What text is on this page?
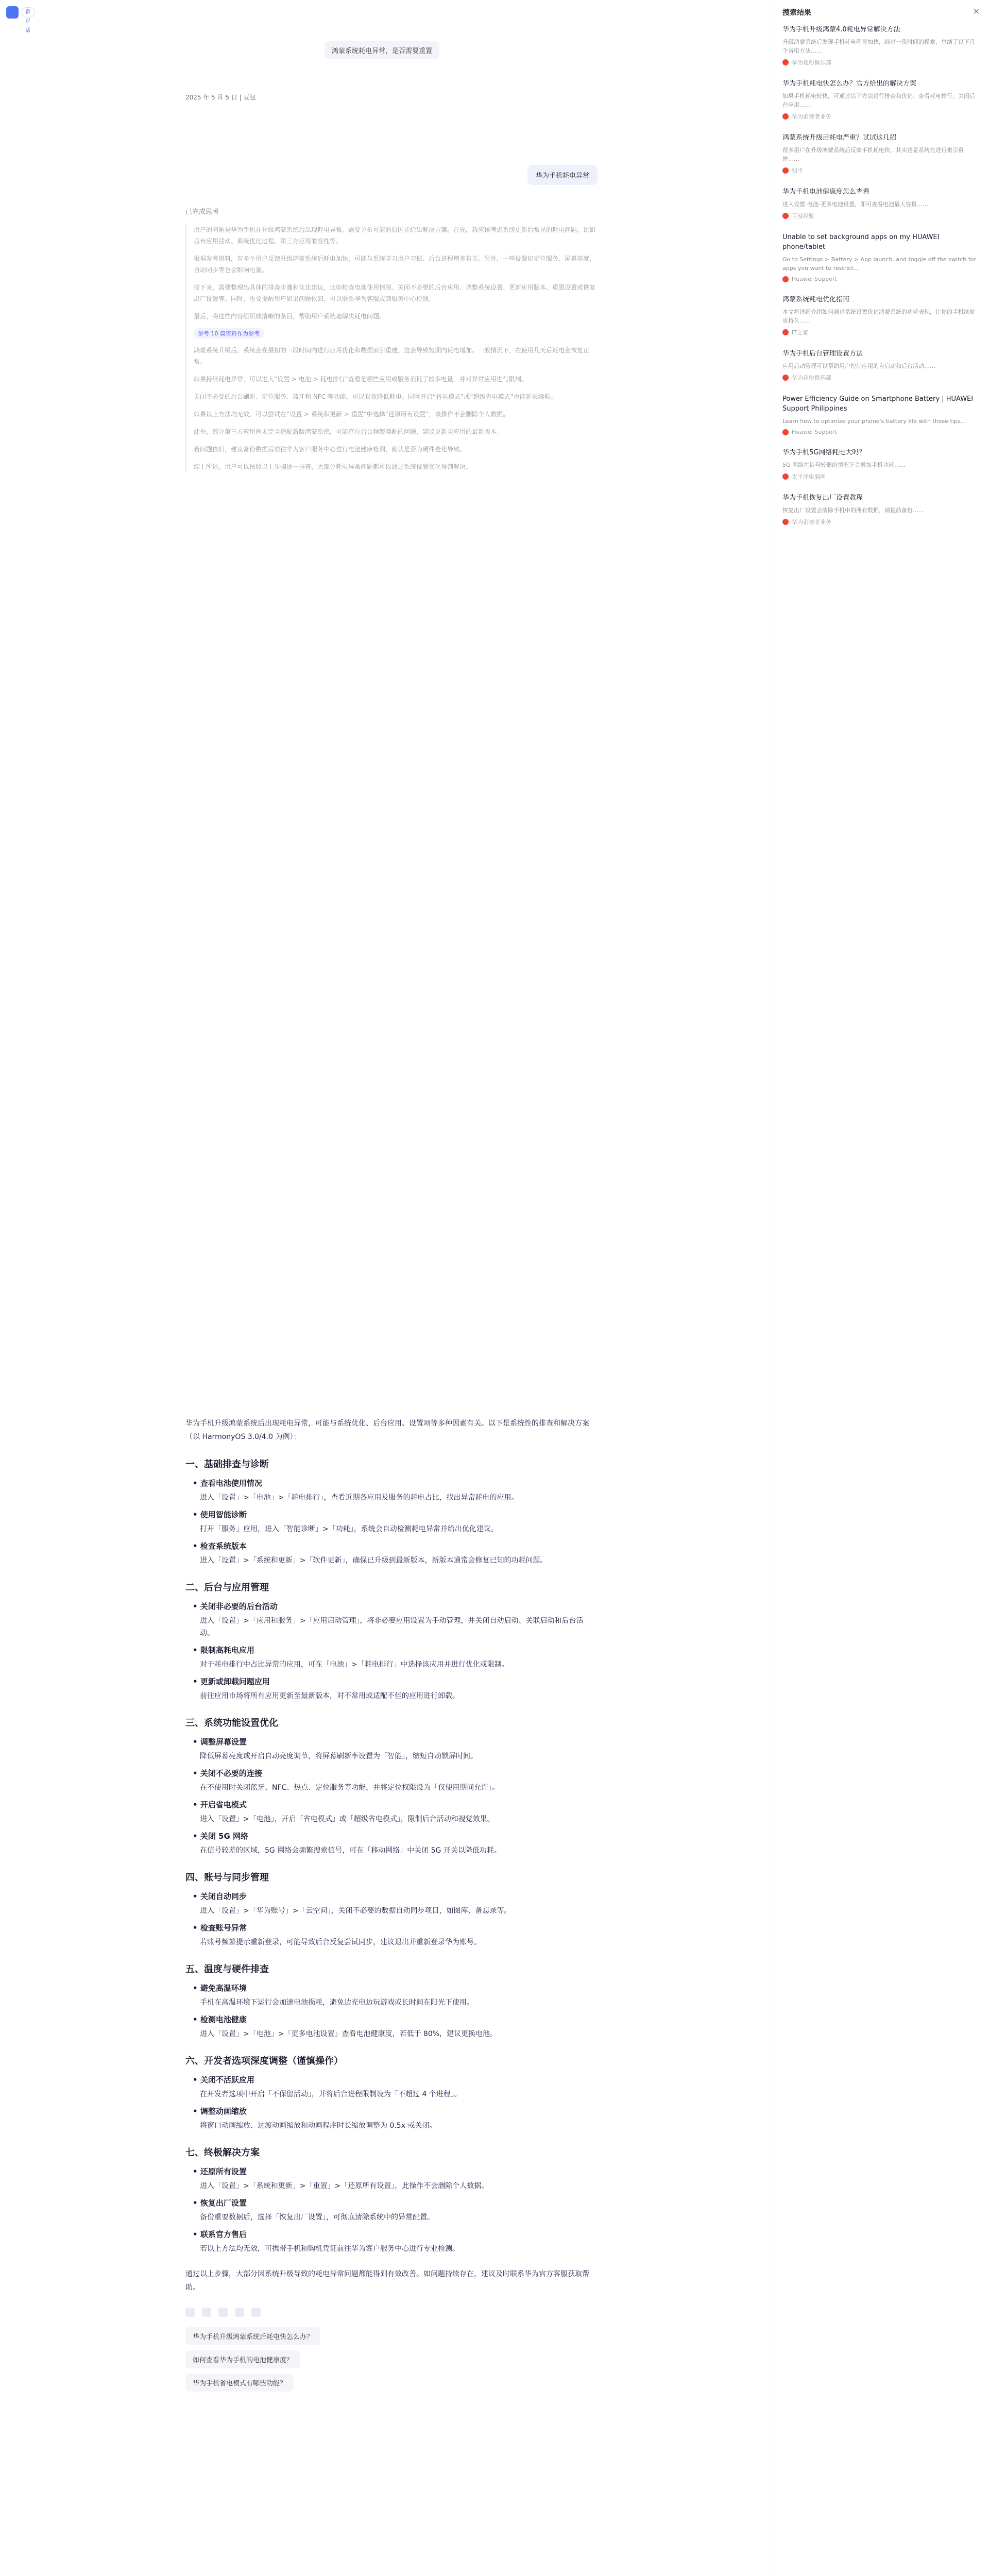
新对话
鸿蒙系统耗电异常，是否需要重置
2025 年 5 月 5 日 | 豆包
华为手机耗电异常
已完成思考
用户的问题是华为手机在升级鸿蒙系统后出现耗电异常，需要分析可能的原因并给出解决方案。首先，我应该考虑系统更新后常见的耗电问题，比如后台应用活动、系统优化过程、第三方应用兼容性等。
根据参考资料，有多个用户反馈升级鸿蒙系统后耗电加快，可能与系统学习用户习惯、后台进程增多有关。另外，一些设置如定位服务、屏幕亮度、自动同步等也会影响电量。
接下来，需要整理出具体的排查步骤和优化建议，比如检查电池使用情况、关闭不必要的后台应用、调整系统设置、更新应用版本、重置设置或恢复出厂设置等。同时，也要提醒用户如果问题依旧，可以联系华为客服或到服务中心检测。
最后，将这些内容组织成清晰的条目，帮助用户系统地解决耗电问题。
参考 10 篇资料作为参考
鸿蒙系统升级后，系统会在最初的一段时间内进行应用优化和数据索引重建，这会导致短期内耗电增加。一般情况下，在使用几天后耗电会恢复正常。
如果持续耗电异常，可以进入“设置 > 电池 > 耗电排行”查看是哪些应用或服务消耗了较多电量，并对异常应用进行限制。
关闭不必要的后台刷新、定位服务、蓝牙和 NFC 等功能，可以有效降低耗电。同时开启“省电模式”或“超级省电模式”也能延长续航。
如果以上方法均无效，可以尝试在“设置 > 系统和更新 > 重置”中选择“还原所有设置”，该操作不会删除个人数据。
此外，部分第三方应用尚未完全适配新版鸿蒙系统，可能存在后台频繁唤醒的问题，建议更新至应用的最新版本。
若问题依旧，建议备份数据后前往华为客户服务中心进行电池健康检测，确认是否为硬件老化导致。
综上所述，用户可以按照以上步骤逐一排查，大部分耗电异常问题都可以通过系统设置优化得到解决。
华为手机升级鸿蒙系统后出现耗电异常，可能与系统优化、后台应用、设置项等多种因素有关。以下是系统性的排查和解决方案（以 HarmonyOS 3.0/4.0 为例）：
一、基础排查与诊断
• 查看电池使用情况
进入「设置」>「电池」>「耗电排行」，查看近期各应用及服务的耗电占比，找出异常耗电的应用。
• 使用智能诊断
打开「服务」应用，进入「智能诊断」>「功耗」，系统会自动检测耗电异常并给出优化建议。
• 检查系统版本
进入「设置」>「系统和更新」>「软件更新」，确保已升级到最新版本，新版本通常会修复已知的功耗问题。
二、后台与应用管理
• 关闭非必要的后台活动
进入「设置」>「应用和服务」>「应用启动管理」，将非必要应用设置为手动管理，并关闭自动启动、关联启动和后台活动。
• 限制高耗电应用
对于耗电排行中占比异常的应用，可在「电池」>「耗电排行」中选择该应用并进行优化或限制。
• 更新或卸载问题应用
前往应用市场将所有应用更新至最新版本，对不常用或适配不佳的应用进行卸载。
三、系统功能设置优化
• 调整屏幕设置
降低屏幕亮度或开启自动亮度调节，将屏幕刷新率设置为「智能」，缩短自动锁屏时间。
• 关闭不必要的连接
在不使用时关闭蓝牙、NFC、热点、定位服务等功能，并将定位权限设为「仅使用期间允许」。
• 开启省电模式
进入「设置」>「电池」，开启「省电模式」或「超级省电模式」，限制后台活动和视觉效果。
• 关闭 5G 网络
在信号较差的区域，5G 网络会频繁搜索信号，可在「移动网络」中关闭 5G 开关以降低功耗。
四、账号与同步管理
• 关闭自动同步
进入「设置」>「华为账号」>「云空间」，关闭不必要的数据自动同步项目，如图库、备忘录等。
• 检查账号异常
若账号频繁提示重新登录，可能导致后台反复尝试同步，建议退出并重新登录华为账号。
五、温度与硬件排查
• 避免高温环境
手机在高温环境下运行会加速电池损耗，避免边充电边玩游戏或长时间在阳光下使用。
• 检测电池健康
进入「设置」>「电池」>「更多电池设置」查看电池健康度，若低于 80%，建议更换电池。
六、开发者选项深度调整（谨慎操作）
• 关闭不活跃应用
在开发者选项中开启「不保留活动」，并将后台进程限制设为「不超过 4 个进程」。
• 调整动画缩放
将窗口动画缩放、过渡动画缩放和动画程序时长缩放调整为 0.5x 或关闭。
七、终极解决方案
• 还原所有设置
进入「设置」>「系统和更新」>「重置」>「还原所有设置」，此操作不会删除个人数据。
• 恢复出厂设置
备份重要数据后，选择「恢复出厂设置」，可彻底清除系统中的异常配置。
• 联系官方售后
若以上方法均无效，可携带手机和购机凭证前往华为客户服务中心进行专业检测。
通过以上步骤，大部分因系统升级导致的耗电异常问题都能得到有效改善。如问题持续存在，建议及时联系华为官方客服获取帮助。
华为手机升级鸿蒙系统后耗电快怎么办？
如何查看华为手机的电池健康度？
华为手机省电模式有哪些功能？
搜索结果	×
华为手机升级鸿蒙4.0耗电异常解决方法
升级鸿蒙系统后发现手机耗电明显加快，经过一段时间的摸索，总结了以下几个省电方法……
华为花粉俱乐部
华为手机耗电快怎么办？官方给出的解决方案
如果手机耗电较快，可通过以下方法进行排查和优化：查看耗电排行、关闭后台应用……
华为消费者业务
鸿蒙系统升级后耗电严重？试试这几招
很多用户在升级鸿蒙系统后反馈手机耗电快，其实这是系统在进行索引重建……
知乎
华为手机电池健康度怎么查看
进入设置-电池-更多电池设置，即可查看电池最大容量……
百度经验
Unable to set background apps on my HUAWEI phone/tablet
Go to Settings > Battery > App launch, and toggle off the switch for apps you want to restrict...
Huawei Support
鸿蒙系统耗电优化指南
本文将详细介绍如何通过系统设置优化鸿蒙系统的功耗表现，让你的手机续航更持久……
IT之家
华为手机后台管理设置方法
应用启动管理可以帮助用户控制应用的自启动和后台活动……
华为花粉俱乐部
Power Efficiency Guide on Smartphone Battery | HUAWEI Support Philippines
Learn how to optimize your phone's battery life with these tips...
Huawei Support
华为手机5G网络耗电大吗？
5G 网络在信号较弱的情况下会增加手机功耗……
太平洋电脑网
华为手机恢复出厂设置教程
恢复出厂设置会清除手机中的所有数据，请提前备份……
华为消费者业务
